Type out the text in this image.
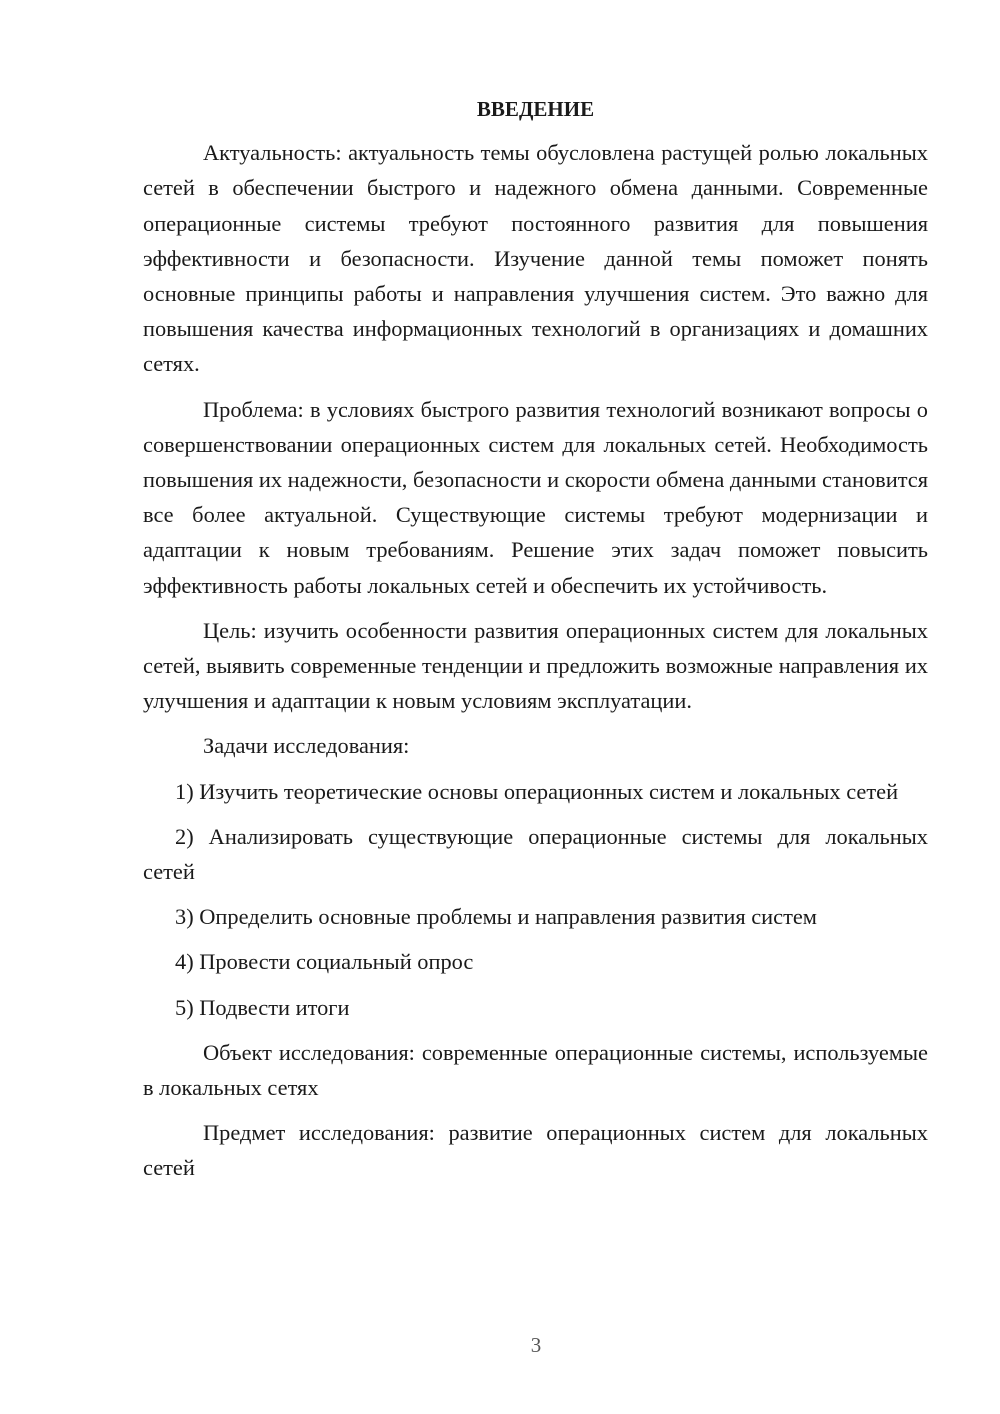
ВВЕДЕНИЕ

Актуальность: актуальность темы обусловлена растущей ролью локальных сетей в обеспечении быстрого и надежного обмена данными. Современные операционные системы требуют постоянного развития для повышения эффективности и безопасности. Изучение данной темы поможет понять основные принципы работы и направления улучшения систем. Это важно для повышения качества информационных технологий в организациях и домашних сетях.

Проблема: в условиях быстрого развития технологий возникают вопросы о совершенствовании операционных систем для локальных сетей. Необходимость повышения их надежности, безопасности и скорости обмена данными становится все более актуальной. Существующие системы требуют модернизации и адаптации к новым требованиям. Решение этих задач поможет повысить эффективность работы локальных сетей и обеспечить их устойчивость.

Цель: изучить особенности развития операционных систем для локальных сетей, выявить современные тенденции и предложить возможные направления их улучшения и адаптации к новым условиям эксплуатации.

Задачи исследования:

1) Изучить теоретические основы операционных систем и локальных сетей

2) Анализировать существующие операционные системы для локальных сетей

3) Определить основные проблемы и направления развития систем

4) Провести социальный опрос

5) Подвести итоги

Объект исследования: современные операционные системы, используемые в локальных сетях

Предмет исследования: развитие операционных систем для локальных сетей

3
